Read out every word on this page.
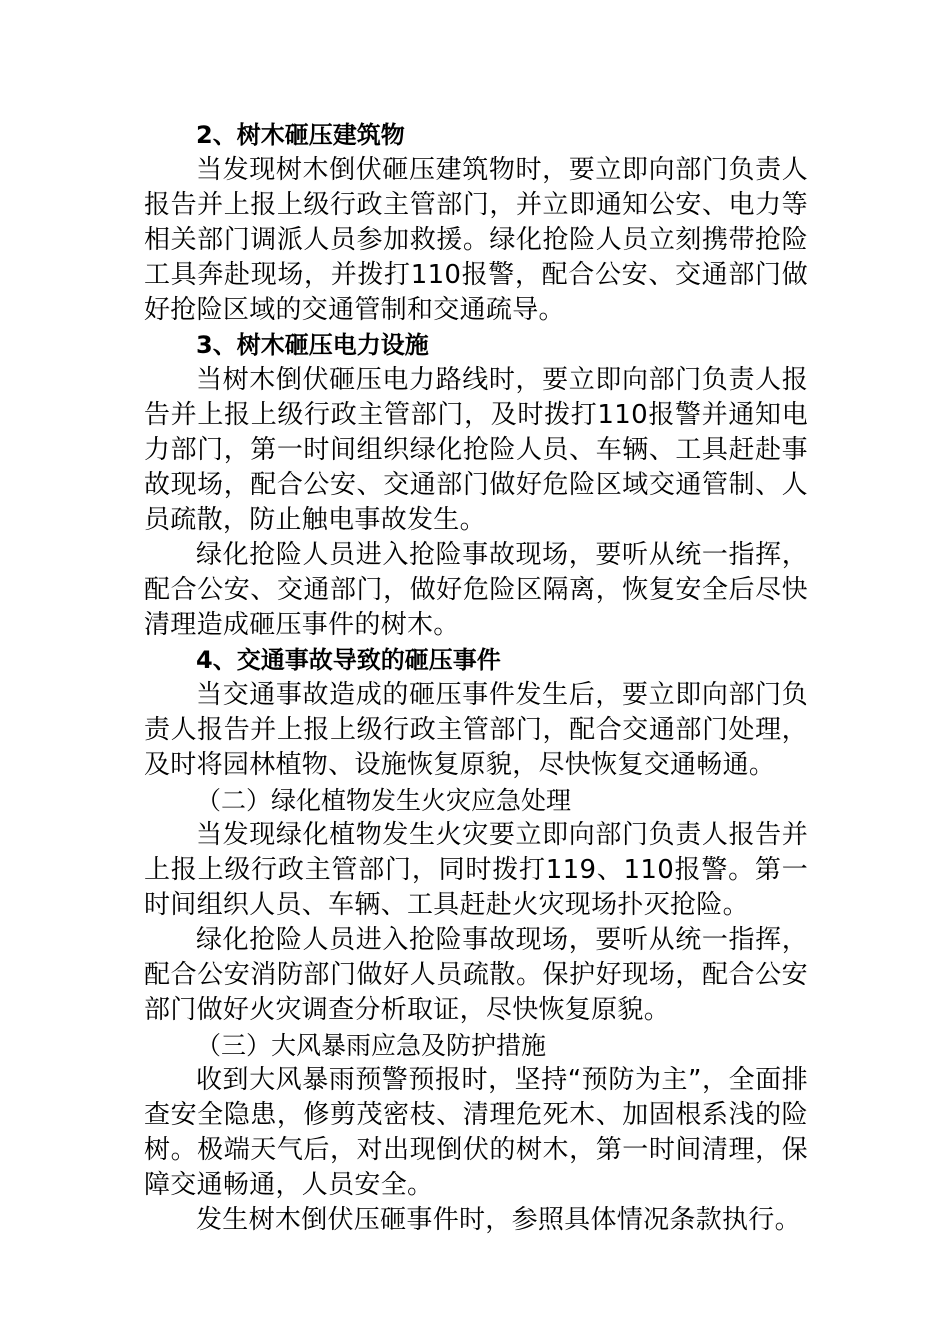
2、树木砸压建筑物

当发现树木倒伏砸压建筑物时，要立即向部门负责人报告并上报上级行政主管部门，并立即通知公安、电力等相关部门调派人员参加救援。绿化抢险人员立刻携带抢险工具奔赴现场，并拨打110报警，配合公安、交通部门做好抢险区域的交通管制和交通疏导。

3、树木砸压电力设施

当树木倒伏砸压电力路线时，要立即向部门负责人报告并上报上级行政主管部门，及时拨打110报警并通知电力部门，第一时间组织绿化抢险人员、车辆、工具赶赴事故现场，配合公安、交通部门做好危险区域交通管制、人员疏散，防止触电事故发生。

绿化抢险人员进入抢险事故现场，要听从统一指挥，配合公安、交通部门，做好危险区隔离，恢复安全后尽快清理造成砸压事件的树木。

4、交通事故导致的砸压事件

当交通事故造成的砸压事件发生后，要立即向部门负责人报告并上报上级行政主管部门，配合交通部门处理，及时将园林植物、设施恢复原貌，尽快恢复交通畅通。

（二）绿化植物发生火灾应急处理

当发现绿化植物发生火灾要立即向部门负责人报告并上报上级行政主管部门，同时拨打119、110报警。第一时间组织人员、车辆、工具赶赴火灾现场扑灭抢险。

绿化抢险人员进入抢险事故现场，要听从统一指挥，配合公安消防部门做好人员疏散。保护好现场，配合公安部门做好火灾调查分析取证，尽快恢复原貌。

（三）大风暴雨应急及防护措施

收到大风暴雨预警预报时，坚持“预防为主”，全面排查安全隐患，修剪茂密枝、清理危死木、加固根系浅的险树。极端天气后，对出现倒伏的树木，第一时间清理，保障交通畅通，人员安全。

发生树木倒伏压砸事件时，参照具体情况条款执行。
